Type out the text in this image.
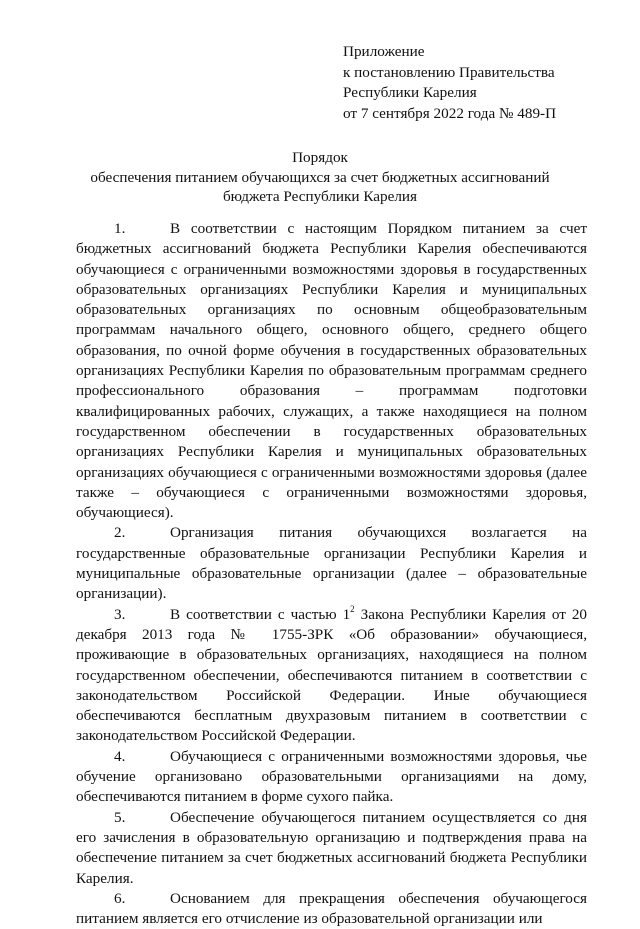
Приложение
к постановлению Правительства
Республики Карелия
от 7 сентября 2022 года № 489-П
Порядок
обеспечения питанием обучающихся за счет бюджетных ассигнований
бюджета Республики Карелия

1.	В соответствии с настоящим Порядком питанием за счет бюджетных ассигнований бюджета Республики Карелия обеспечиваются обучающиеся с ограниченными возможностями здоровья в государственных образовательных организациях Республики Карелия и муниципальных образовательных организациях по основным общеобразовательным программам начального общего, основного общего, среднего общего образования, по очной форме обучения в государственных образовательных организациях Республики Карелия по образовательным программам среднего профессионального образования – программам подготовки квалифицированных рабочих, служащих, а также находящиеся на полном государственном обеспечении в государственных образовательных организациях Республики Карелия и муниципальных образовательных организациях обучающиеся с ограниченными возможностями здоровья (далее также – обучающиеся с ограниченными возможностями здоровья, обучающиеся).

2.	Организация питания обучающихся возлагается на государственные образовательные организации Республики Карелия и муниципальные образовательные организации (далее – образовательные организации).

3.	В соответствии с частью $1^2$ Закона Республики Карелия от 20 декабря 2013 года № 1755-ЗРК «Об образовании» обучающиеся, проживающие в образовательных организациях, находящиеся на полном государственном обеспечении, обеспечиваются питанием в соответствии с законодательством Российской Федерации. Иные обучающиеся обеспечиваются бесплатным двухразовым питанием в соответствии с законодательством Российской Федерации.

4.	Обучающиеся с ограниченными возможностями здоровья, чье обучение организовано образовательными организациями на дому, обеспечиваются питанием в форме сухого пайка.

5.	Обеспечение обучающегося питанием осуществляется со дня его зачисления в образовательную организацию и подтверждения права на обеспечение питанием за счет бюджетных ассигнований бюджета Республики Карелия.

6.	Основанием для прекращения обеспечения обучающегося питанием является его отчисление из образовательной организации или
